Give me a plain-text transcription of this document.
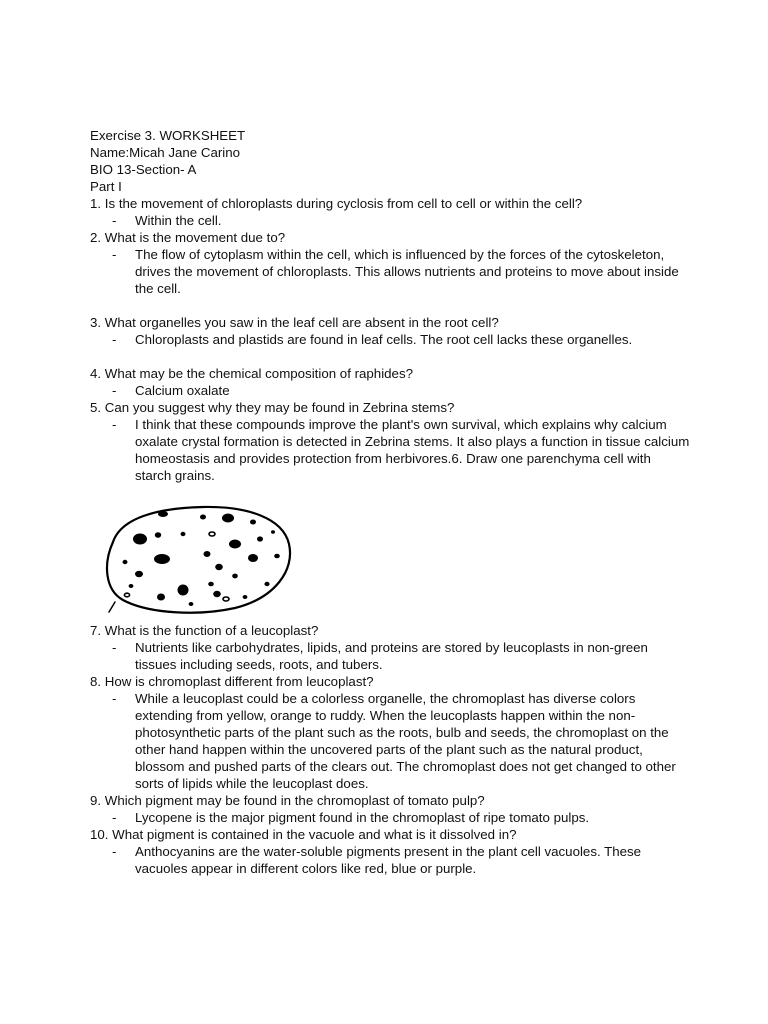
Exercise 3. WORKSHEET
Name:Micah Jane Carino
BIO 13-Section- A
Part I
1. Is the movement of chloroplasts during cyclosis from cell to cell or within the cell?
- Within the cell.
2. What is the movement due to?
- The flow of cytoplasm within the cell, which is influenced by the forces of the cytoskeleton, drives the movement of chloroplasts. This allows nutrients and proteins to move about inside the cell.
3. What organelles you saw in the leaf cell are absent in the root cell?
- Chloroplasts and plastids are found in leaf cells. The root cell lacks these organelles.
4. What may be the chemical composition of raphides?
- Calcium oxalate
5. Can you suggest why they may be found in Zebrina stems?
- I think that these compounds improve the plant's own survival, which explains why calcium oxalate crystal formation is detected in Zebrina stems. It also plays a function in tissue calcium homeostasis and provides protection from herbivores.6. Draw one parenchyma cell with starch grains.
7. What is the function of a leucoplast?
- Nutrients like carbohydrates, lipids, and proteins are stored by leucoplasts in non-green tissues including seeds, roots, and tubers.
8. How is chromoplast different from leucoplast?
- While a leucoplast could be a colorless organelle, the chromoplast has diverse colors extending from yellow, orange to ruddy. When the leucoplasts happen within the non-photosynthetic parts of the plant such as the roots, bulb and seeds, the chromoplast on the other hand happen within the uncovered parts of the plant such as the natural product, blossom and pushed parts of the clears out. The chromoplast does not get changed to other sorts of lipids while the leucoplast does.
9. Which pigment may be found in the chromoplast of tomato pulp?
- Lycopene is the major pigment found in the chromoplast of ripe tomato pulps.
10. What pigment is contained in the vacuole and what is it dissolved in?
- Anthocyanins are the water-soluble pigments present in the plant cell vacuoles. These vacuoles appear in different colors like red, blue or purple.
